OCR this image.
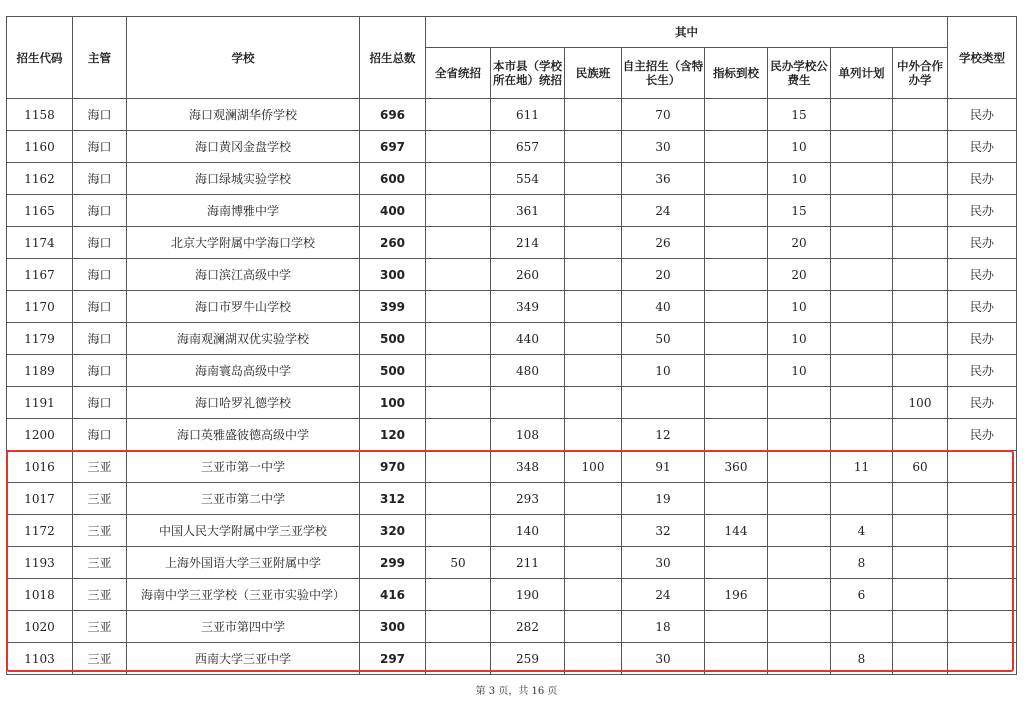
招生代码	主管	学校	招生总数	其中								学校类型
				全省统招	本市县（学校所在地）统招	民族班	自主招生（含特长生）	指标到校	民办学校公费生	单列计划	中外合作办学	
1158	海口	海口观澜湖华侨学校	696		611		70		15			民办
1160	海口	海口黄冈金盘学校	697		657		30		10			民办
1162	海口	海口绿城实验学校	600		554		36		10			民办
1165	海口	海南博雅中学	400		361		24		15			民办
1174	海口	北京大学附属中学海口学校	260		214		26		20			民办
1167	海口	海口滨江高级中学	300		260		20		20			民办
1170	海口	海口市罗牛山学校	399		349		40		10			民办
1179	海口	海南观澜湖双优实验学校	500		440		50		10			民办
1189	海口	海南寰岛高级中学	500		480		10		10			民办
1191	海口	海口哈罗礼德学校	100								100	民办
1200	海口	海口英雅盛彼德高级中学	120		108		12					民办
1016	三亚	三亚市第一中学	970		348	100	91	360		11	60	
1017	三亚	三亚市第二中学	312		293		19					
1172	三亚	中国人民大学附属中学三亚学校	320		140		32	144		4		
1193	三亚	上海外国语大学三亚附属中学	299	50	211		30			8		
1018	三亚	海南中学三亚学校（三亚市实验中学）	416		190		24	196		6		
1020	三亚	三亚市第四中学	300		282		18					
1103	三亚	西南大学三亚中学	297		259		30			8		
第 3 页，共 16 页
